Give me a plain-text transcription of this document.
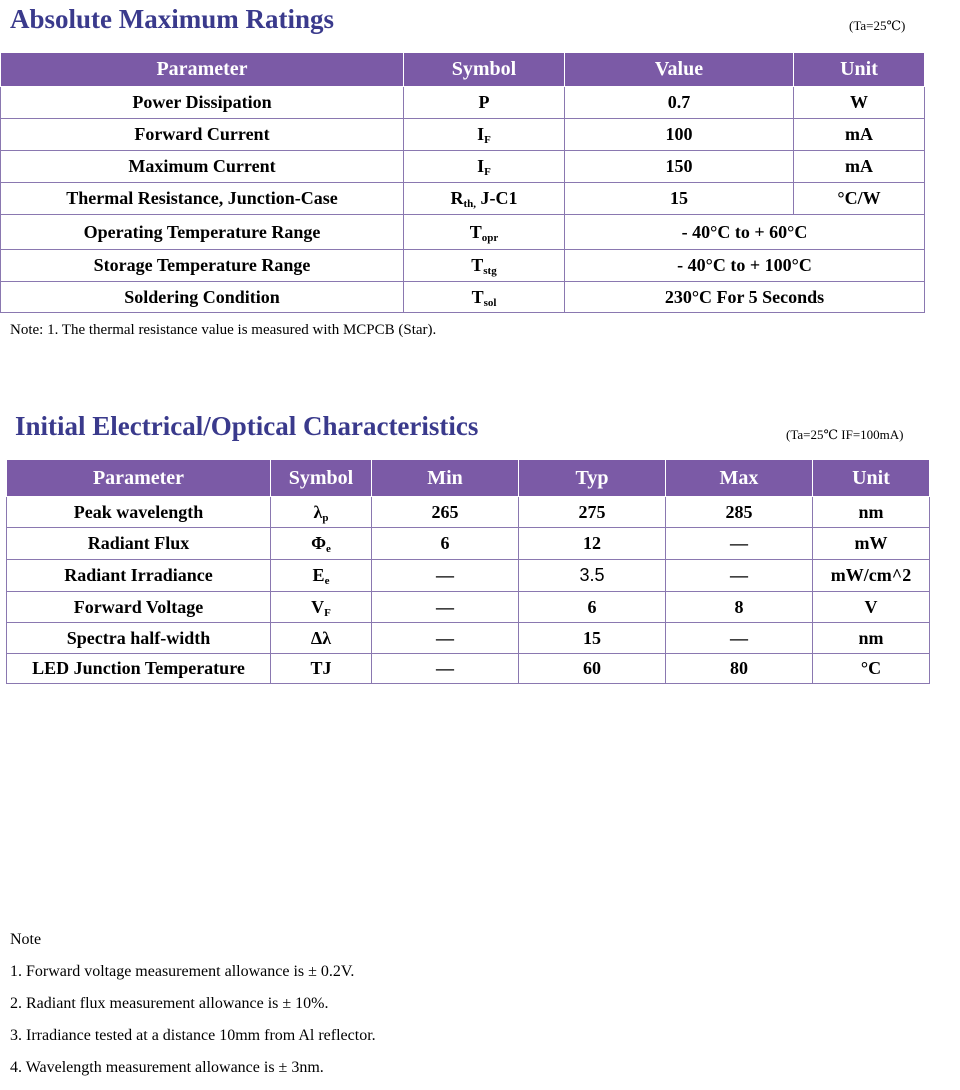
Absolute Maximum Ratings	(Ta=25℃)
Parameter	Symbol	Value	Unit
Power Dissipation	P	0.7	W
Forward Current	$I_F$	100	mA
Maximum Current	$I_F$	150	mA
Thermal Resistance, Junction-Case	$R_{th,}$ J-C1	15	°C/W
Operating Temperature Range	$T_{opr}$	- 40°C to + 60°C	
Storage Temperature Range	$T_{stg}$	- 40°C to + 100°C	
Soldering Condition	$T_{sol}$	230°C For 5 Seconds	

Note: 1. The thermal resistance value is measured with MCPCB (Star).

Initial Electrical/Optical Characteristics	(Ta=25℃ IF=100mA)
Parameter	Symbol	Min	Typ	Max	Unit
Peak wavelength	$\lambda_p$	265	275	285	nm
Radiant Flux	$\Phi_e$	6	12	—	mW
Radiant Irradiance	$E_e$	—	3.5	—	mW/cm^2
Forward Voltage	$V_F$	—	6	8	V
Spectra half-width	Δλ	—	15	—	nm
LED Junction Temperature	TJ	—	60	80	°C
Note
1. Forward voltage measurement allowance is ± 0.2V.
2. Radiant flux measurement allowance is ± 10%.
3. Irradiance tested at a distance 10mm from Al reflector.
4. Wavelength measurement allowance is ± 3nm.
